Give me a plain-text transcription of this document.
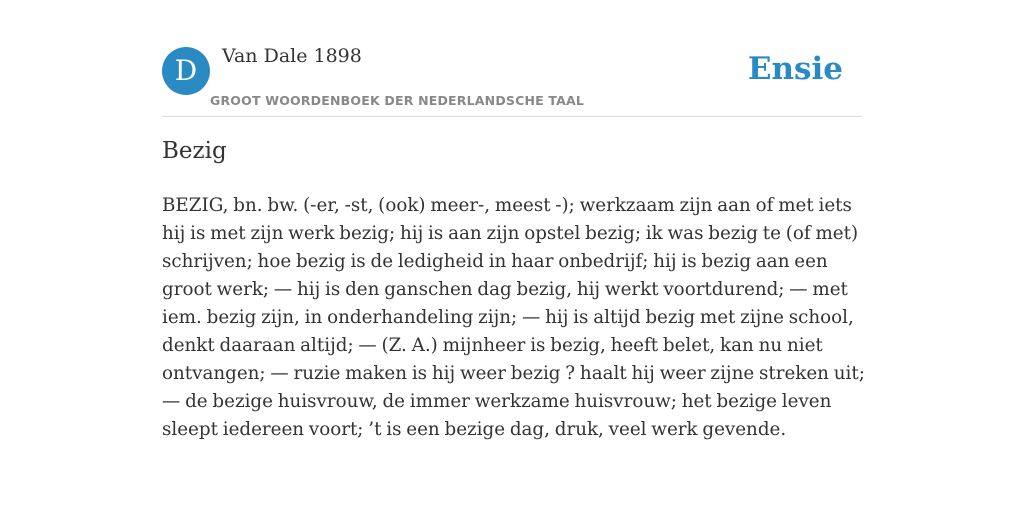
D	Van Dale 1898
GROOT WOORDENBOEK DER NEDERLANDSCHE TAAL
Ensie
Bezig

BEZIG, bn. bw. (-er, -st, (ook) meer-, meest -); werkzaam zijn aan of met iets hij is met zijn werk bezig; hij is aan zijn opstel bezig; ik was bezig te (of met) schrijven; hoe bezig is de ledigheid in haar onbedrijf; hij is bezig aan een groot werk; — hij is den ganschen dag bezig, hij werkt voortdurend; — met iem. bezig zijn, in onderhandeling zijn; — hij is altijd bezig met zijne school, denkt daaraan altijd; — (Z. A.) mijnheer is bezig, heeft belet, kan nu niet ontvangen; — ruzie maken is hij weer bezig ? haalt hij weer zijne streken uit; — de bezige huisvrouw, de immer werkzame huisvrouw; het bezige leven sleept iedereen voort; ’t is een bezige dag, druk, veel werk gevende.
